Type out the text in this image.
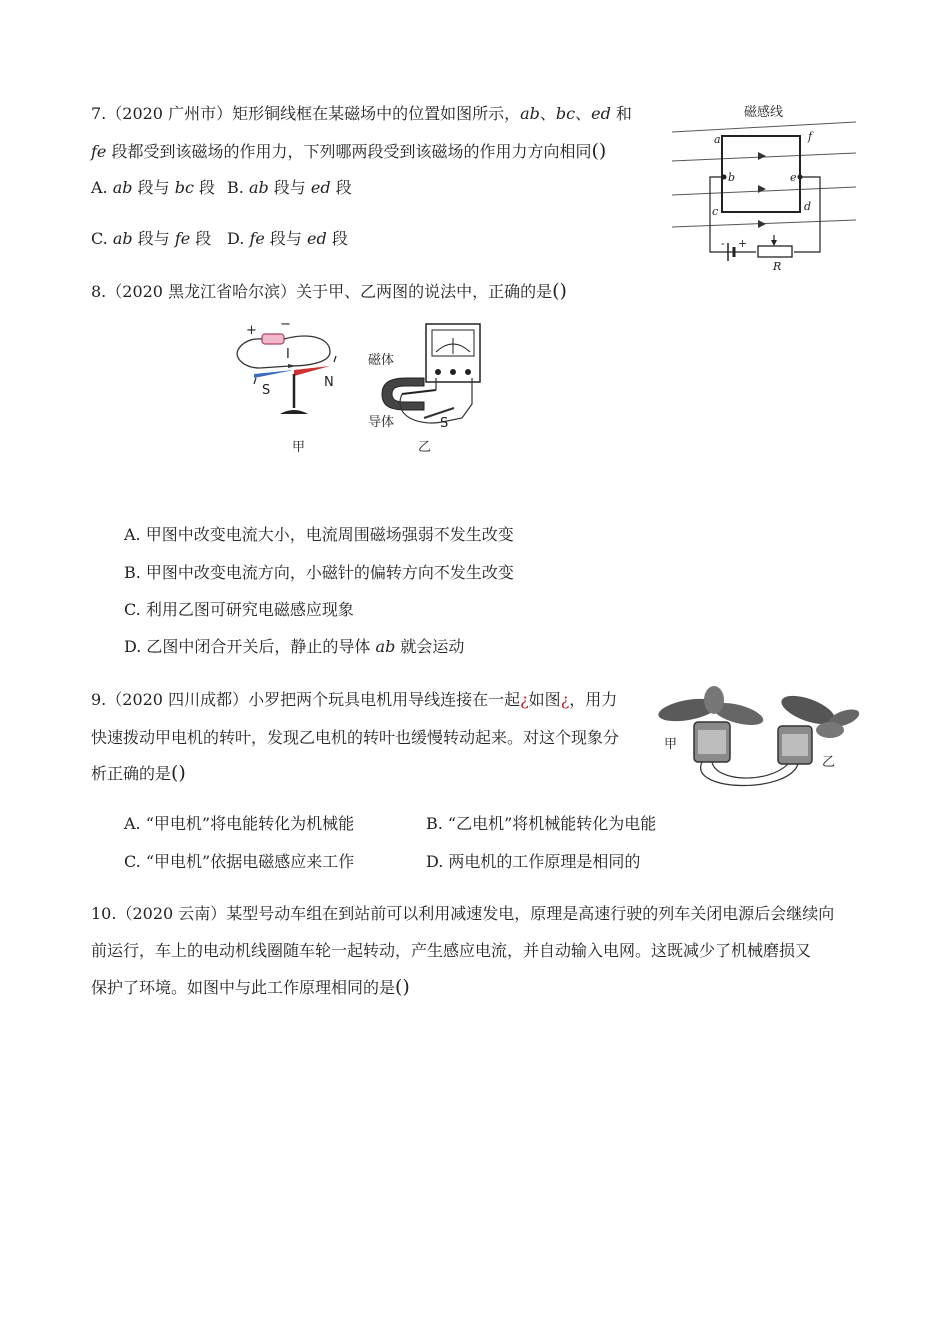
7.（2020 广州市）矩形铜线框在某磁场中的位置如图所示，ab、bc、ed 和
fe 段都受到该磁场的作用力，下列哪两段受到该磁场的作用力方向相同()
A. ab 段与 bc 段 B. ab 段与 ed 段
C. ab 段与 fe 段 D. fe 段与 ed 段
磁感线
a
b
c	d
e
f
- +
R
8.（2020 黑龙江省哈尔滨）关于甲、乙两图的说法中，正确的是()
+ −
I
S
N
甲
磁体
导体	S
乙
A. 甲图中改变电流大小，电流周围磁场强弱不发生改变
B. 甲图中改变电流方向，小磁针的偏转方向不发生改变
C. 利用乙图可研究电磁感应现象
D. 乙图中闭合开关后，静止的导体 ab 就会运动
9.（2020 四川成都）小罗把两个玩具电机用导线连接在一起¿如图¿，用力
快速拨动甲电机的转叶，发现乙电机的转叶也缓慢转动起来。对这个现象分
析正确的是()
甲
乙
A. “甲电机”将电能转化为机械能	B. “乙电机”将机械能转化为电能
C. “甲电机”依据电磁感应来工作	D. 两电机的工作原理是相同的
10.（2020 云南）某型号动车组在到站前可以利用减速发电，原理是高速行驶的列车关闭电源后会继续向
前运行，车上的电动机线圈随车轮一起转动，产生感应电流，并自动输入电网。这既减少了机械磨损又
保护了环境。如图中与此工作原理相同的是()
